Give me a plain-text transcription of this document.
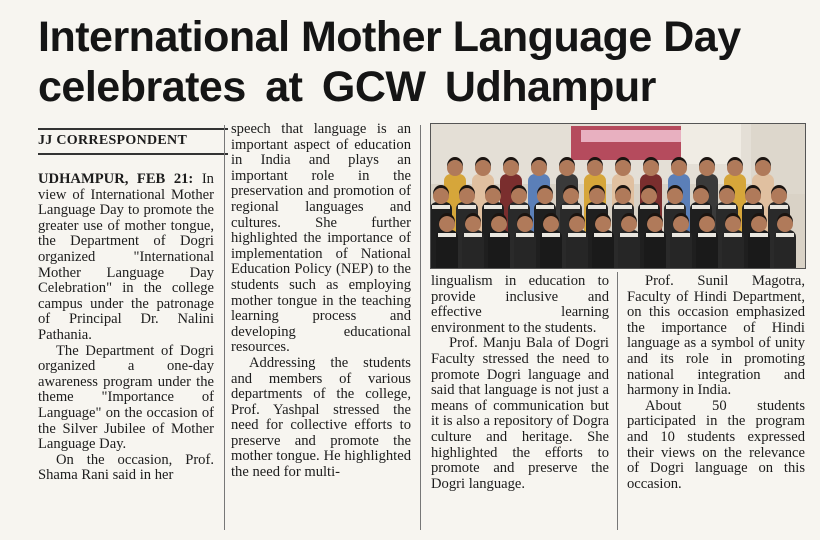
International Mother Language Day
celebrates at GCW Udhampur
JJ CORRESPONDENT

UDHAMPUR, FEB 21: In view of International Mother Language Day to promote the greater use of mother tongue, the Department of Dogri organized "International Mother Language Day Celebration" in the college campus under the patronage of Principal Dr. Nalini Pathania.

The Department of Dogri organized a one-day awareness program under the theme "Importance of Language" on the occasion of the Silver Jubilee of Mother Language Day.

On the occasion, Prof. Shama Rani said in her

speech that language is an important aspect of education in India and plays an important role in the preservation and promotion of regional languages and cultures. She further highlighted the importance of implementation of National Education Policy (NEP) to the students such as employing mother tongue in the teaching learning process and developing educational resources.

Addressing the students and members of various departments of the college, Prof. Yashpal stressed the need for collective efforts to preserve and promote the mother tongue. He highlighted the need for multi-

lingualism in education to provide inclusive and effective learning environment to the students.

Prof. Manju Bala of Dogri Faculty stressed the need to promote Dogri language and said that language is not just a means of communication but it is also a repository of Dogra culture and heritage. She highlighted the efforts to promote and preserve the Dogri language.

Prof. Sunil Magotra, Faculty of Hindi Department, on this occasion emphasized the importance of Hindi language as a symbol of unity and its role in promoting national integration and harmony in India.

About 50 students participated in the program and 10 students expressed their views on the relevance of Dogri language on this occasion.
